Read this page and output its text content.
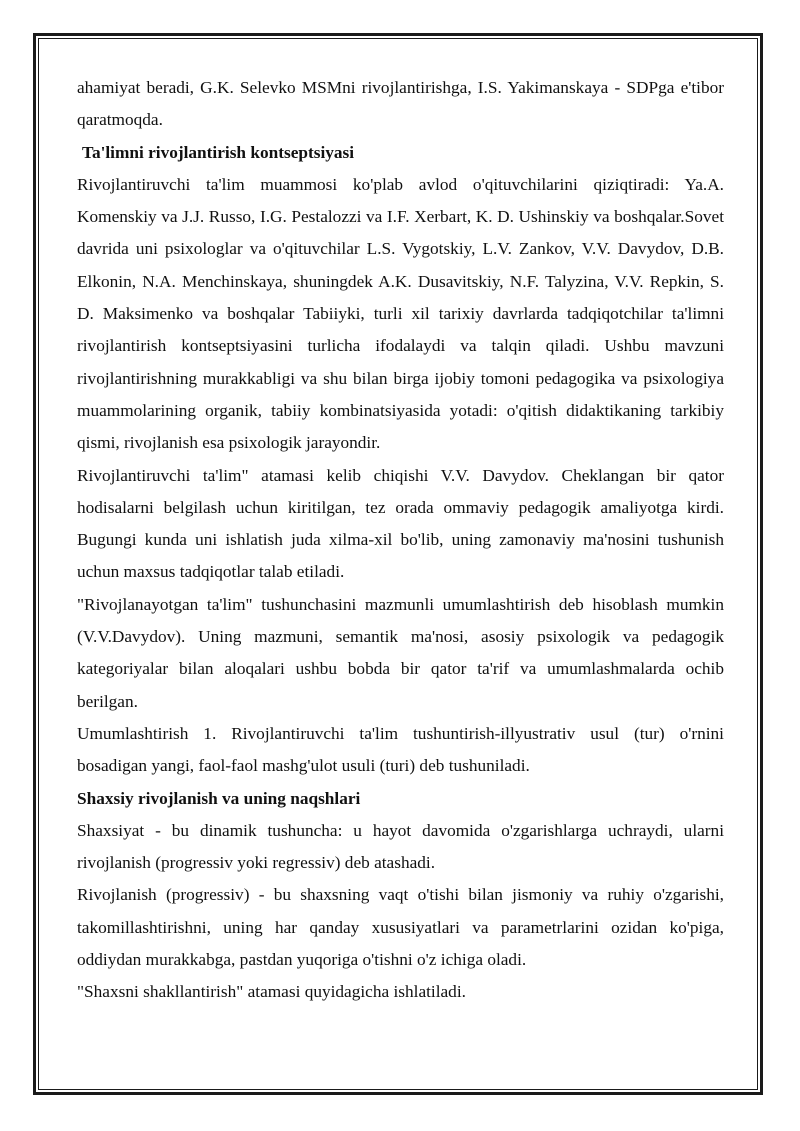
ahamiyat beradi, G.K. Selevko MSMni rivojlantirishga, I.S. Yakimanskaya - SDPga e'tibor qaratmoqda.

Ta'limni rivojlantirish kontseptsiyasi

Rivojlantiruvchi ta'lim muammosi ko'plab avlod o'qituvchilarini qiziqtiradi: Ya.A. Komenskiy va J.J. Russo, I.G. Pestalozzi va I.F. Xerbart, K. D. Ushinskiy va boshqalar.Sovet davrida uni psixologlar va o'qituvchilar L.S. Vygotskiy, L.V. Zankov, V.V. Davydov, D.B. Elkonin, N.A. Menchinskaya, shuningdek A.K. Dusavitskiy, N.F. Talyzina, V.V. Repkin, S. D. Maksimenko va boshqalar Tabiiyki, turli xil tarixiy davrlarda tadqiqotchilar ta'limni rivojlantirish kontseptsiyasini turlicha ifodalaydi va talqin qiladi. Ushbu mavzuni rivojlantirishning murakkabligi va shu bilan birga ijobiy tomoni pedagogika va psixologiya muammolarining organik, tabiiy kombinatsiyasida yotadi: o'qitish didaktikaning tarkibiy qismi, rivojlanish esa psixologik jarayondir.

Rivojlantiruvchi ta'lim" atamasi kelib chiqishi V.V. Davydov. Cheklangan bir qator hodisalarni belgilash uchun kiritilgan, tez orada ommaviy pedagogik amaliyotga kirdi. Bugungi kunda uni ishlatish juda xilma-xil bo'lib, uning zamonaviy ma'nosini tushunish uchun maxsus tadqiqotlar talab etiladi.

"Rivojlanayotgan ta'lim" tushunchasini mazmunli umumlashtirish deb hisoblash mumkin (V.V.Davydov). Uning mazmuni, semantik ma'nosi, asosiy psixologik va pedagogik kategoriyalar bilan aloqalari ushbu bobda bir qator ta'rif va umumlashmalarda ochib berilgan.

Umumlashtirish 1. Rivojlantiruvchi ta'lim tushuntirish-illyustrativ usul (tur) o'rnini bosadigan yangi, faol-faol mashg'ulot usuli (turi) deb tushuniladi.

Shaxsiy rivojlanish va uning naqshlari

Shaxsiyat - bu dinamik tushuncha: u hayot davomida o'zgarishlarga uchraydi, ularni rivojlanish (progressiv yoki regressiv) deb atashadi.

Rivojlanish (progressiv) - bu shaxsning vaqt o'tishi bilan jismoniy va ruhiy o'zgarishi, takomillashtirishni, uning har qanday xususiyatlari va parametrlarini ozidan ko'piga, oddiydan murakkabga, pastdan yuqoriga o'tishni o'z ichiga oladi.

"Shaxsni shakllantirish" atamasi quyidagicha ishlatiladi.
